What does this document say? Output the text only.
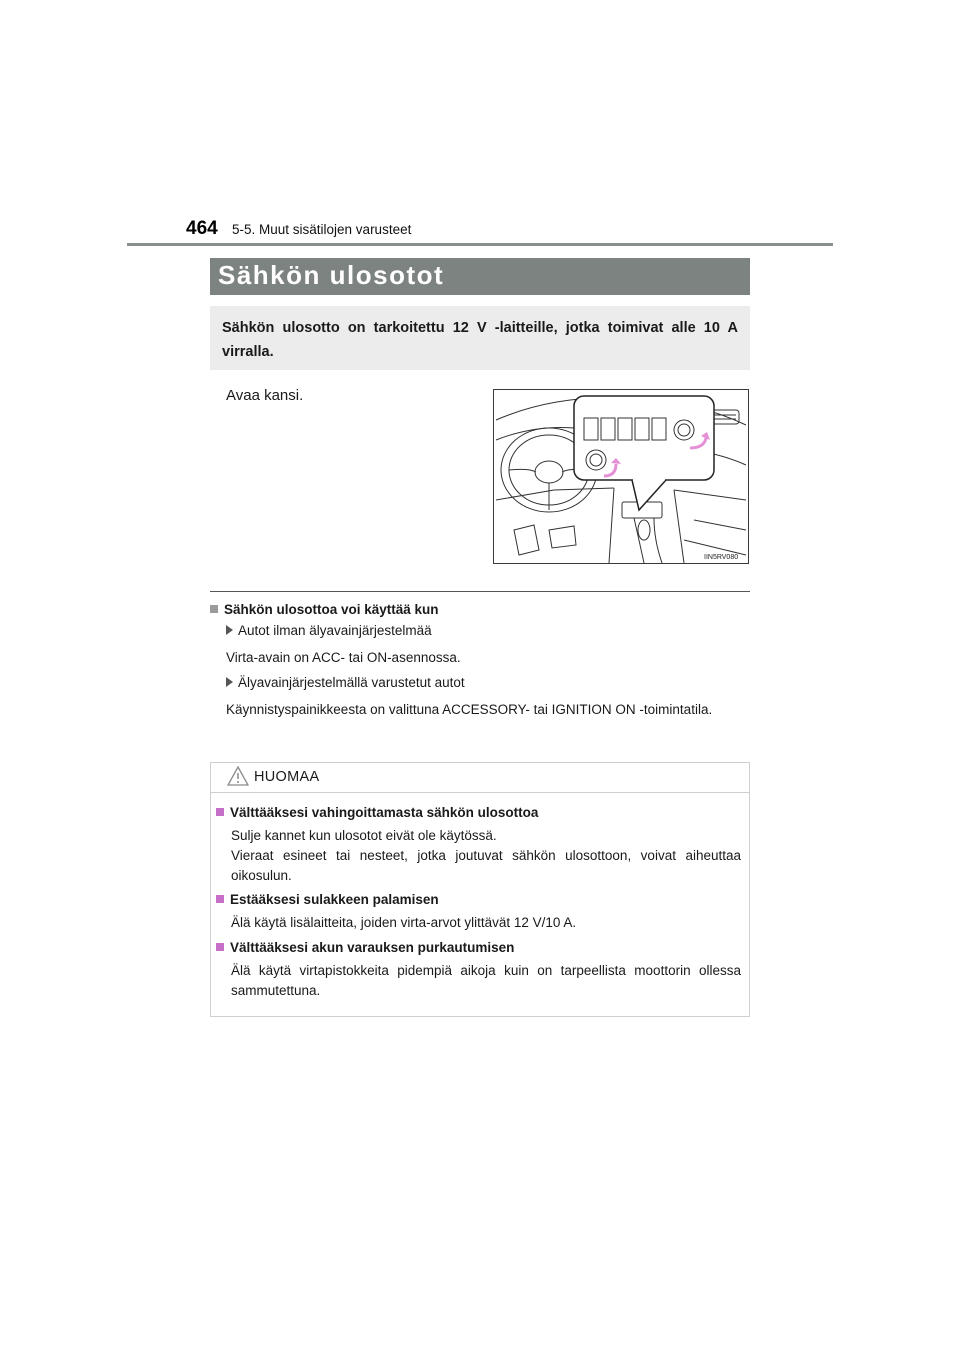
464 5-5. Muut sisätilojen varusteet
Sähkön ulosotot

Sähkön ulosotto on tarkoitettu 12 V -laitteille, jotka toimivat alle 10 A virralla.

Avaa kansi.
IIN5RV080
Sähkön ulosottoa voi käyttää kun
Autot ilman älyavainjärjestelmää
Virta-avain on ACC- tai ON-asennossa.
Älyavainjärjestelmällä varustetut autot
Käynnistyspainikkeesta on valittuna ACCESSORY- tai IGNITION ON -toimintatila.
HUOMAA
Välttääksesi vahingoittamasta sähkön ulosottoa
Sulje kannet kun ulosotot eivät ole käytössä.
Vieraat esineet tai nesteet, jotka joutuvat sähkön ulosottoon, voivat aiheuttaa oikosulun.
Estääksesi sulakkeen palamisen
Älä käytä lisälaitteita, joiden virta-arvot ylittävät 12 V/10 A.
Välttääksesi akun varauksen purkautumisen
Älä käytä virtapistokkeita pidempiä aikoja kuin on tarpeellista moottorin ollessa sammutettuna.
